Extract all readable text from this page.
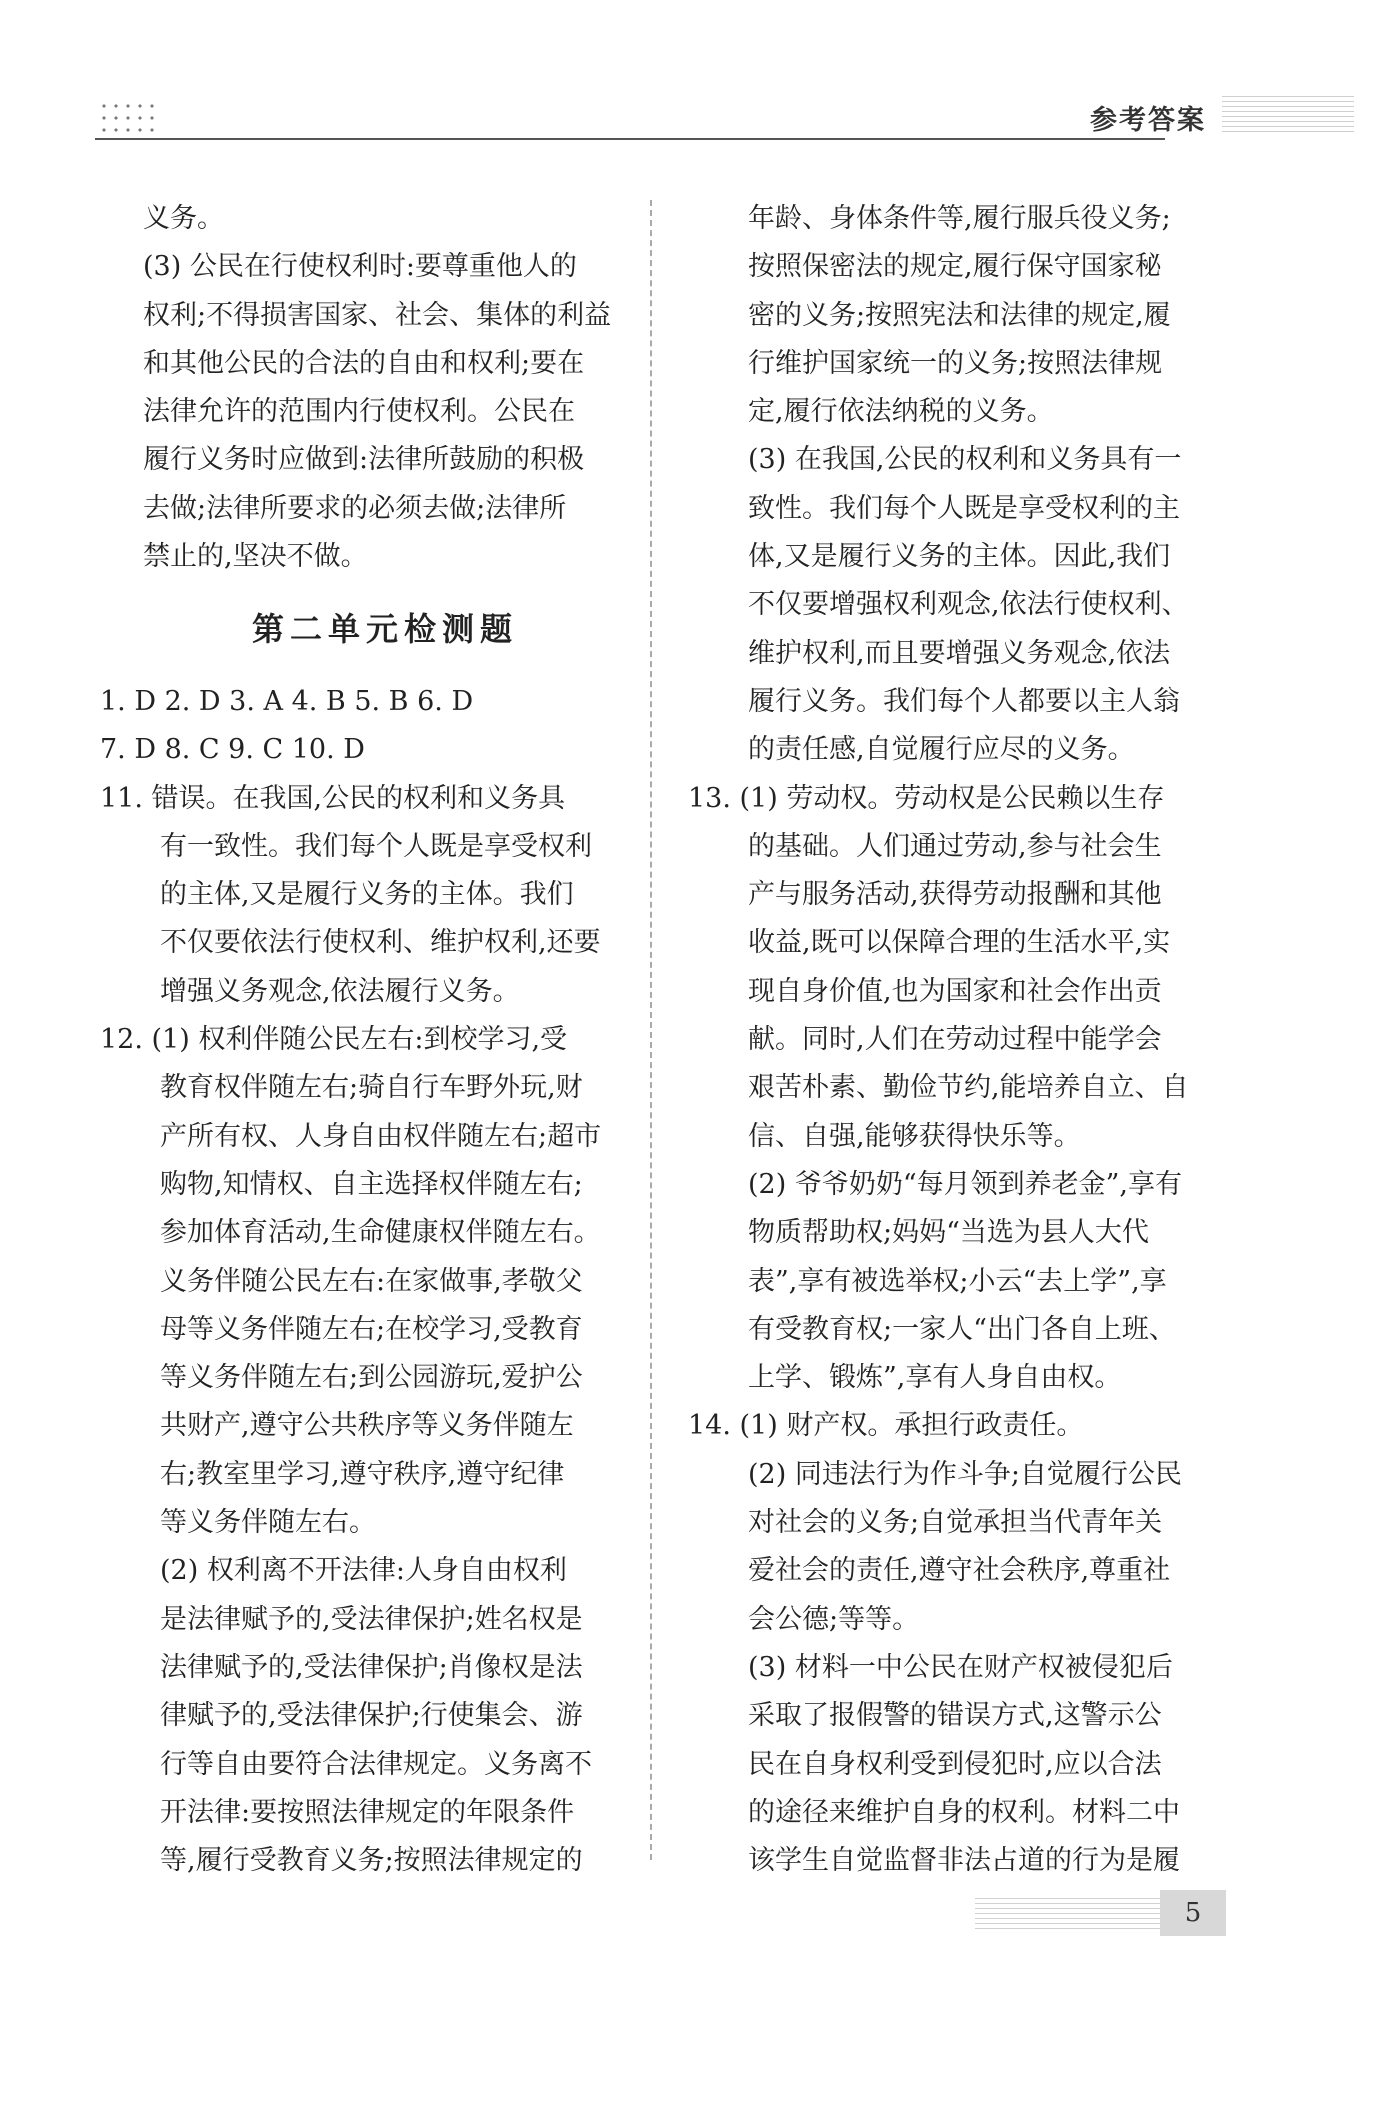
参考答案
义务。
(3) 公民在行使权利时:要尊重他人的
权利;不得损害国家、社会、集体的利益
和其他公民的合法的自由和权利;要在
法律允许的范围内行使权利。公民在
履行义务时应做到:法律所鼓励的积极
去做;法律所要求的必须去做;法律所
禁止的,坚决不做。
第二单元检测题
1. D 2. D 3. A 4. B 5. B 6. D
7. D 8. C 9. C 10. D
11. 错误。在我国,公民的权利和义务具
有一致性。我们每个人既是享受权利
的主体,又是履行义务的主体。我们
不仅要依法行使权利、维护权利,还要
增强义务观念,依法履行义务。
12. (1) 权利伴随公民左右:到校学习,受
教育权伴随左右;骑自行车野外玩,财
产所有权、人身自由权伴随左右;超市
购物,知情权、自主选择权伴随左右;
参加体育活动,生命健康权伴随左右。
义务伴随公民左右:在家做事,孝敬父
母等义务伴随左右;在校学习,受教育
等义务伴随左右;到公园游玩,爱护公
共财产,遵守公共秩序等义务伴随左
右;教室里学习,遵守秩序,遵守纪律
等义务伴随左右。
(2) 权利离不开法律:人身自由权利
是法律赋予的,受法律保护;姓名权是
法律赋予的,受法律保护;肖像权是法
律赋予的,受法律保护;行使集会、游
行等自由要符合法律规定。义务离不
开法律:要按照法律规定的年限条件
等,履行受教育义务;按照法律规定的
年龄、身体条件等,履行服兵役义务;
按照保密法的规定,履行保守国家秘
密的义务;按照宪法和法律的规定,履
行维护国家统一的义务;按照法律规
定,履行依法纳税的义务。
(3) 在我国,公民的权利和义务具有一
致性。我们每个人既是享受权利的主
体,又是履行义务的主体。因此,我们
不仅要增强权利观念,依法行使权利、
维护权利,而且要增强义务观念,依法
履行义务。我们每个人都要以主人翁
的责任感,自觉履行应尽的义务。
13. (1) 劳动权。劳动权是公民赖以生存
的基础。人们通过劳动,参与社会生
产与服务活动,获得劳动报酬和其他
收益,既可以保障合理的生活水平,实
现自身价值,也为国家和社会作出贡
献。同时,人们在劳动过程中能学会
艰苦朴素、勤俭节约,能培养自立、自
信、自强,能够获得快乐等。
(2) 爷爷奶奶“每月领到养老金”,享有
物质帮助权;妈妈“当选为县人大代
表”,享有被选举权;小云“去上学”,享
有受教育权;一家人“出门各自上班、
上学、锻炼”,享有人身自由权。
14. (1) 财产权。承担行政责任。
(2) 同违法行为作斗争;自觉履行公民
对社会的义务;自觉承担当代青年关
爱社会的责任,遵守社会秩序,尊重社
会公德;等等。
(3) 材料一中公民在财产权被侵犯后
采取了报假警的错误方式,这警示公
民在自身权利受到侵犯时,应以合法
的途径来维护自身的权利。材料二中
该学生自觉监督非法占道的行为是履
5
